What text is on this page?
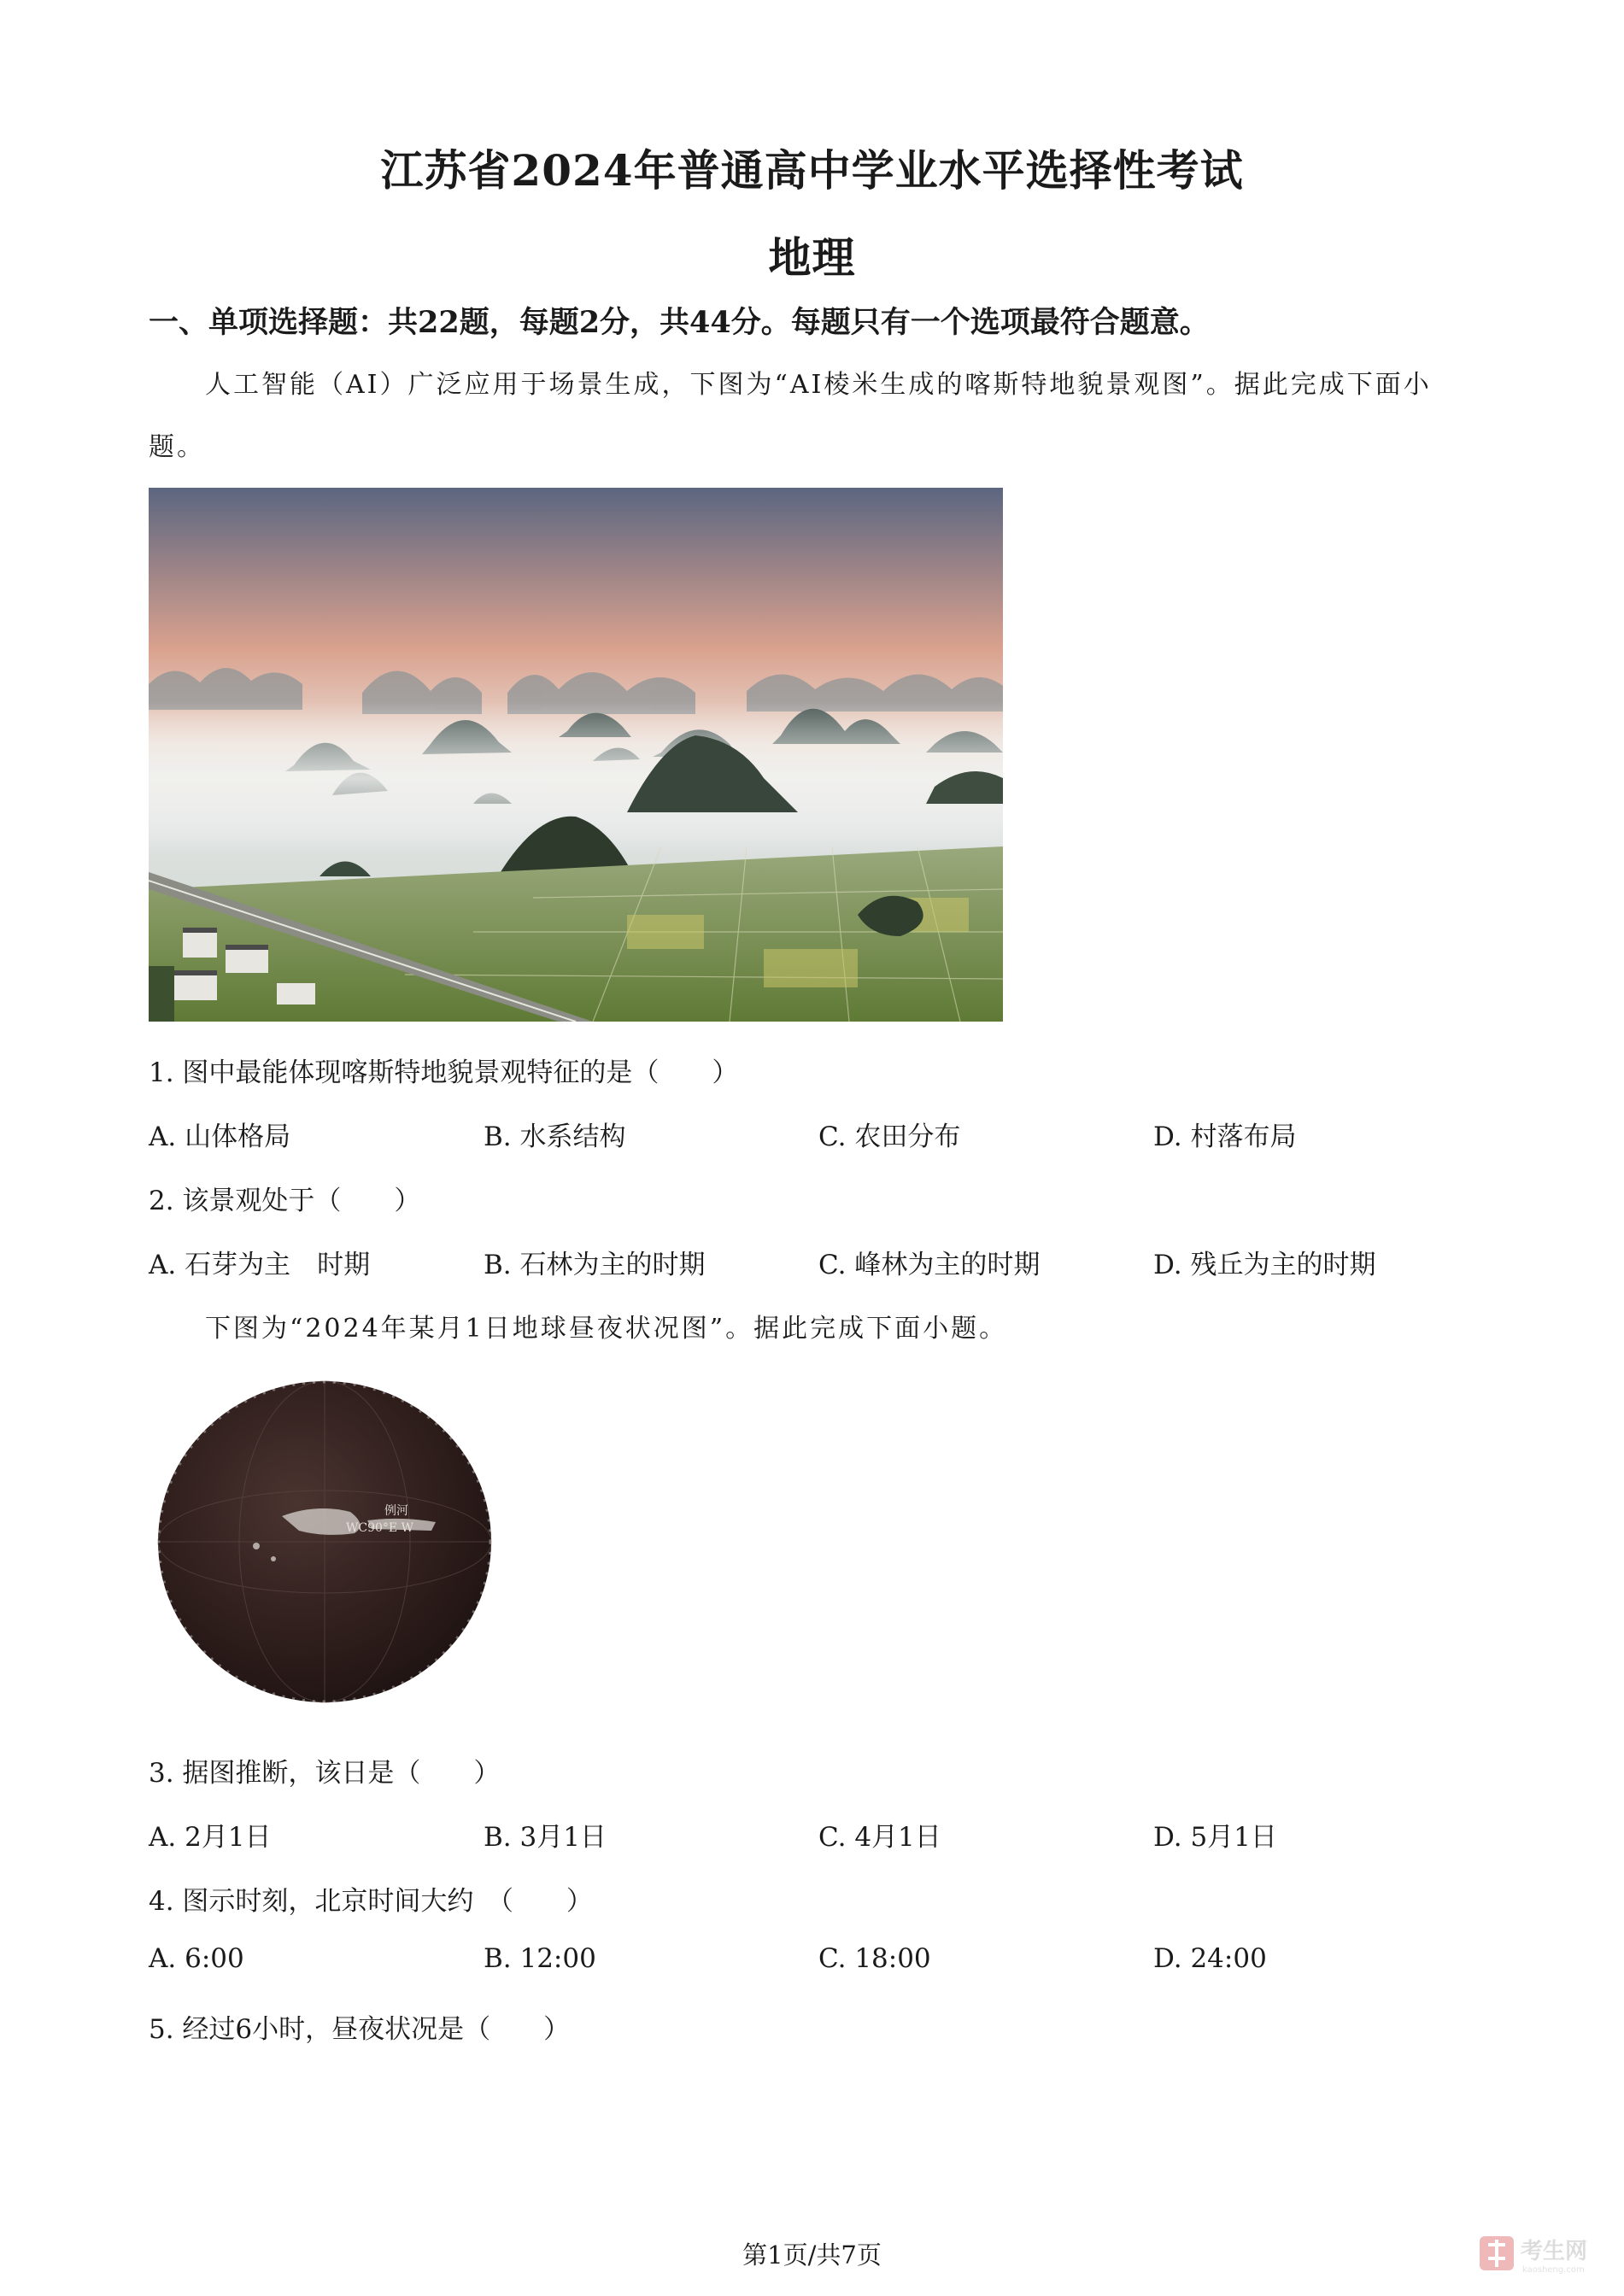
江苏省2024年普通高中学业水平选择性考试
地理
一、单项选择题：共22题，每题2分，共44分。每题只有一个选项最符合题意。
人工智能（AI）广泛应用于场景生成，下图为“AI棱米生成的喀斯特地貌景观图”。据此完成下面小
题。
1. 图中最能体现喀斯特地貌景观特征的是（　　）
A. 山体格局	B. 水系结构	C. 农田分布	D. 村落布局
2. 该景观处于（　　）
A. 石芽为主　时期	B. 石林为主的时期	C. 峰林为主的时期	D. 残丘为主的时期
下图为“2024年某月1日地球昼夜状况图”。据此完成下面小题。
例河
WC90°E W
3. 据图推断，该日是（　　）
A. 2月1日	B. 3月1日	C. 4月1日	D. 5月1日
4. 图示时刻，北京时间大约　（　　）
A. 6:00	B. 12:00	C. 18:00	D. 24:00
5. 经过6小时，昼夜状况是（　　）
第1页/共7页	考生网
kaosheng.com
